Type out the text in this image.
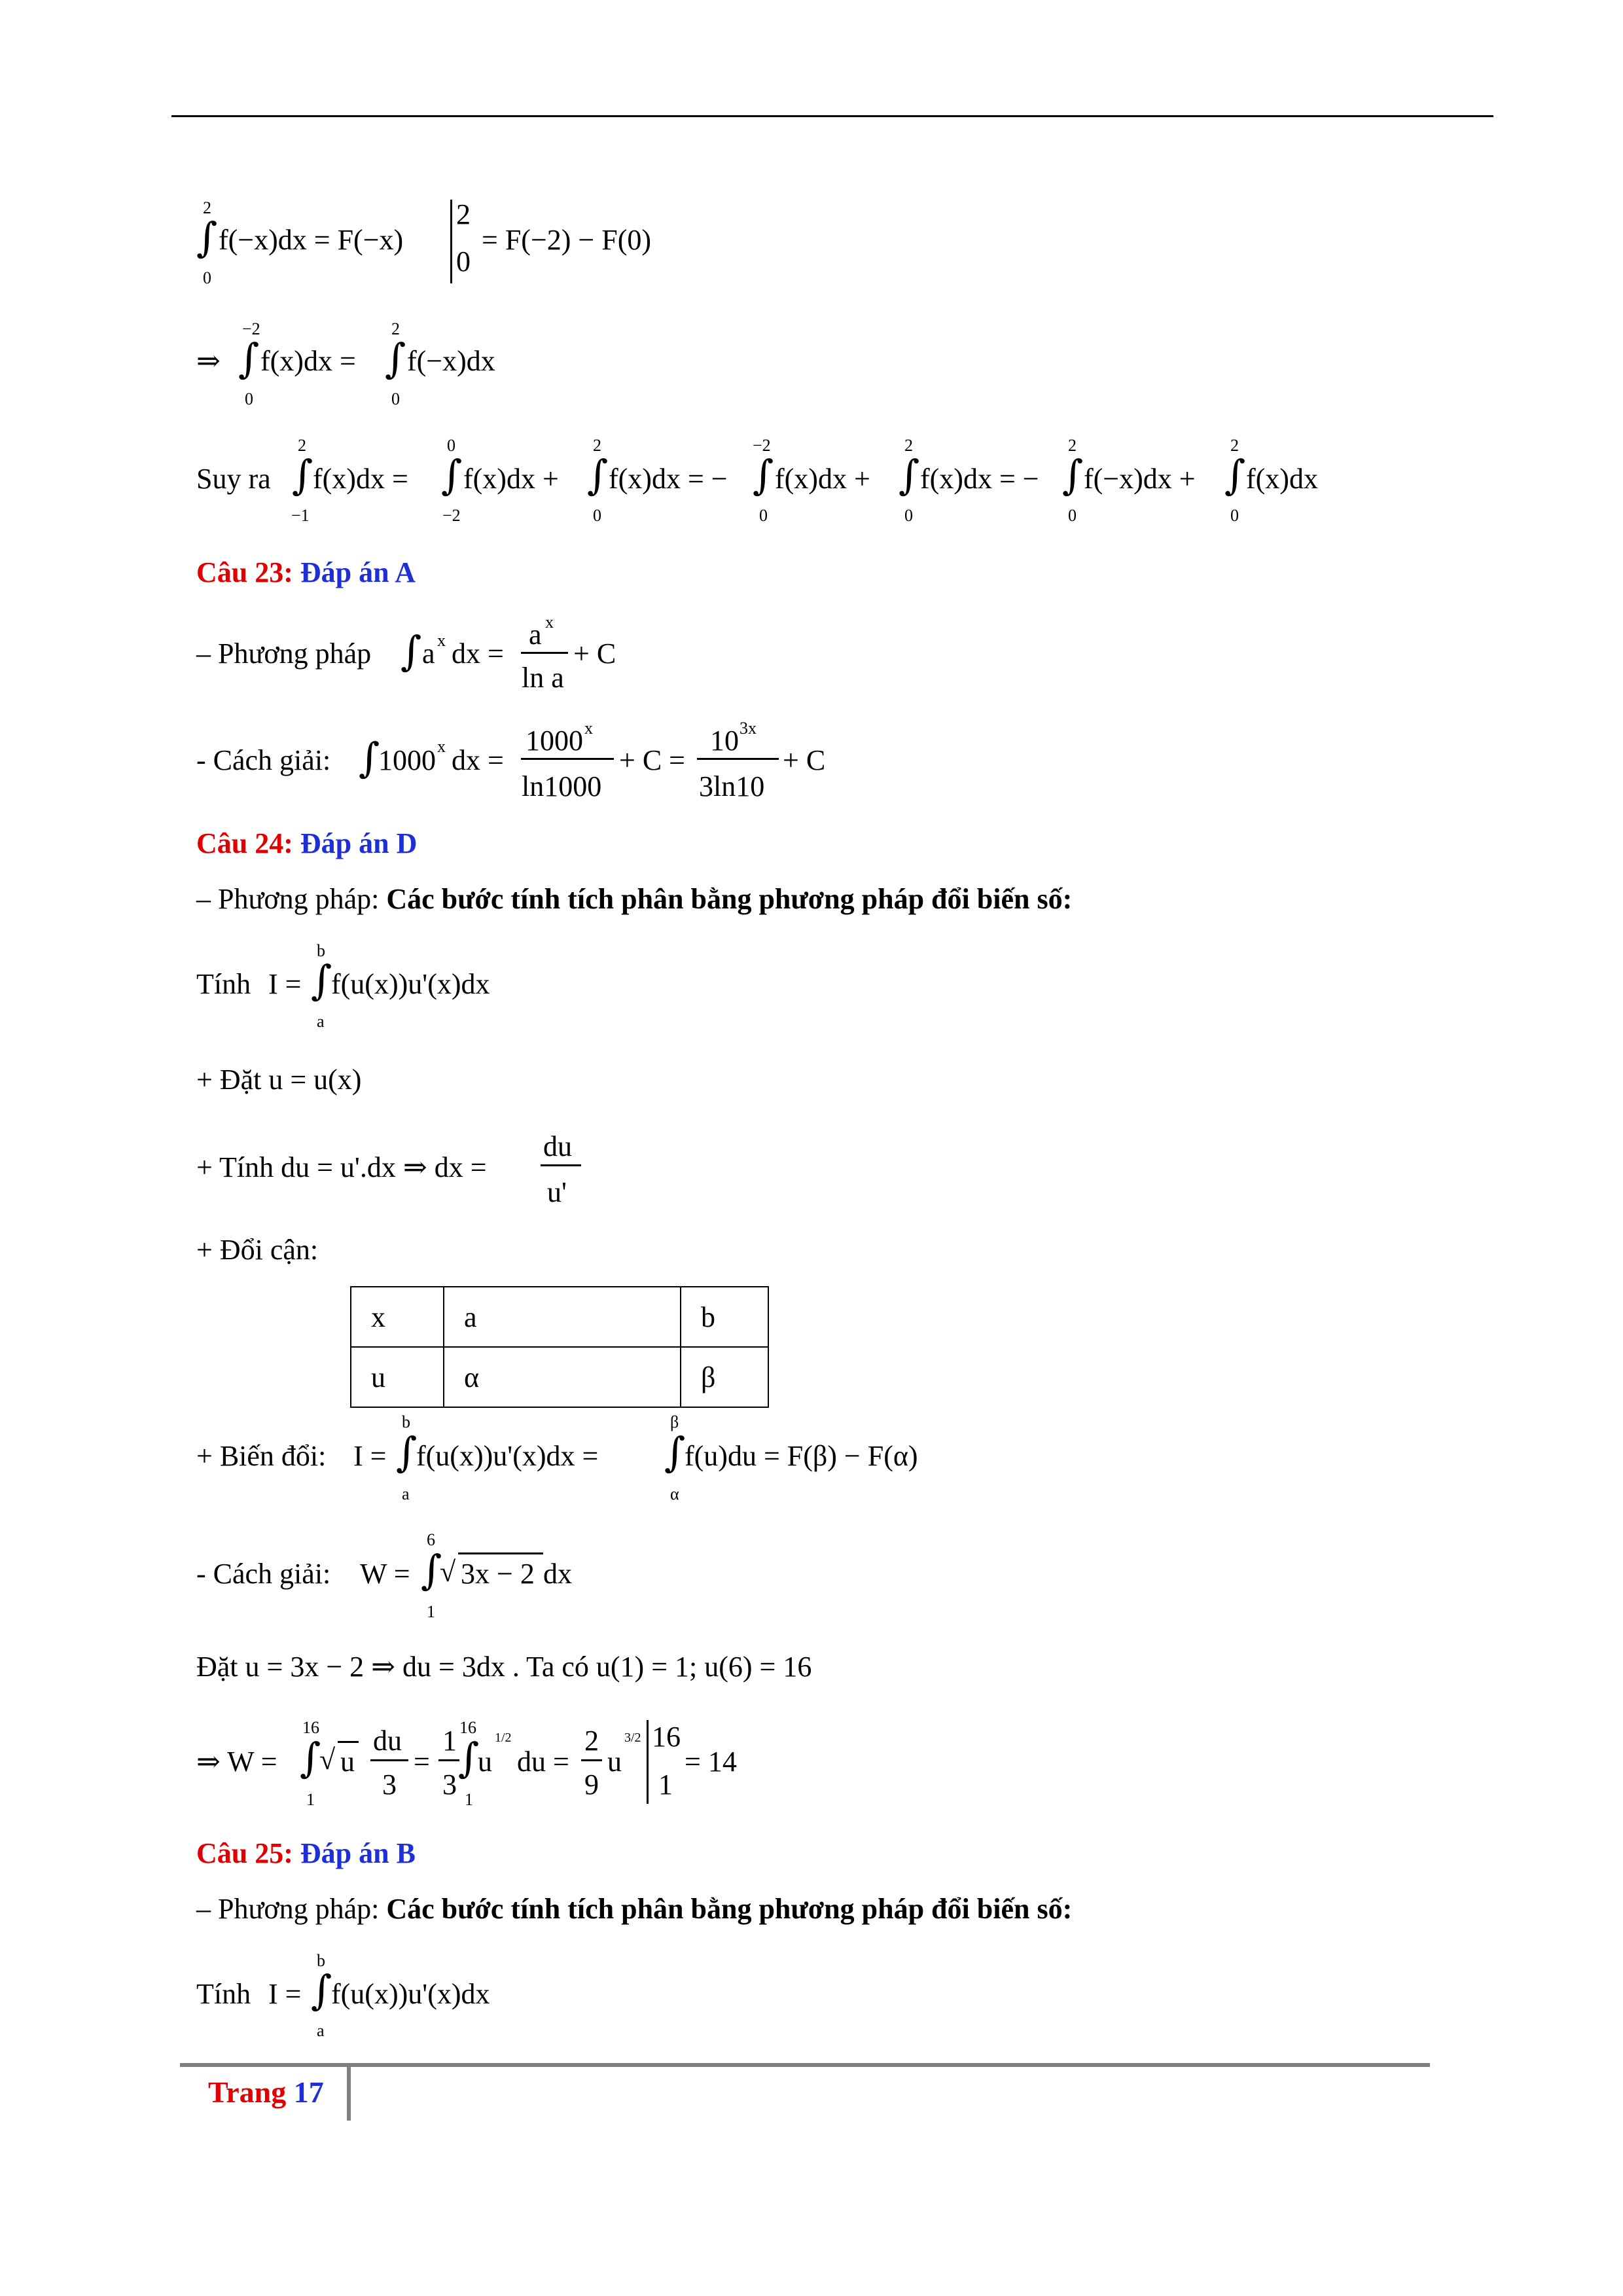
2
∫
0
f(−x)dx = F(−x)
2
0
= F(−2) − F(0)
⇒
−2
∫
0
f(x)dx =
2
∫
0
f(−x)dx
Suy ra
2
∫
−1
f(x)dx =
0
∫
−2
f(x)dx +
2
∫
0
f(x)dx = −
−2
∫
0
f(x)dx +
2
∫
0
f(x)dx = −
2
∫
0
f(−x)dx +
2
∫
0
f(x)dx
Câu 23: Đáp án A
– Phương pháp ∫ a x dx =
a x
ln a
+ C
- Cách giải: ∫
1000 x dx =
1000 x
ln1000
+ C =
10 3x
3ln10
+ C
Câu 24: Đáp án D
– Phương pháp: Các bước tính tích phân bằng phương pháp đổi biến số:
Tính I =
b
∫
a
f(u(x))u'(x)dx
+ Đặt u = u(x)
+ Tính du = u'.dx ⇒ dx =
du
u'
+ Đổi cận:
x	a	b
u	α	β
+ Biến đổi: I =
b
∫
a
f(u(x))u'(x)dx =
β
∫
α
f(u)du = F(β) − F(α)
- Cách giải: W =
6
∫
1
√ 3x − 2 dx
Đặt u = 3x − 2 ⇒ du = 3dx . Ta có u(1) = 1; u(6) = 16
⇒ W =
16
∫
1
√ u
du
3
=
1
3
16
∫
1
u
1/2
du =
2
9
u
3/2 16
1
= 14
Câu 25: Đáp án B
– Phương pháp: Các bước tính tích phân bằng phương pháp đổi biến số:
Tính I =
b
∫
a
f(u(x))u'(x)dx
Trang 17
